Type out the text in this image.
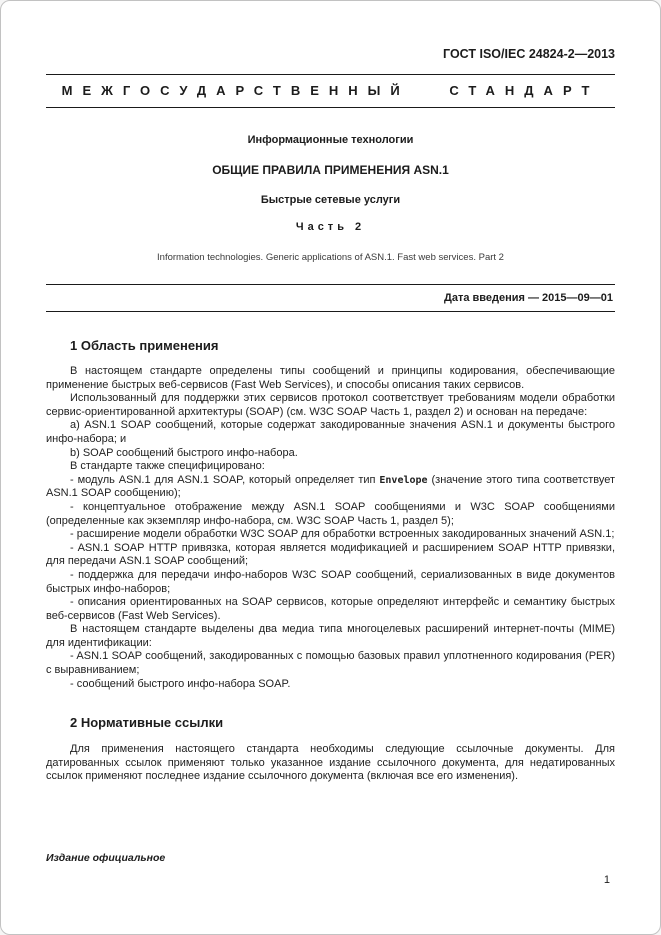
ГОСТ ISO/IEC 24824-2—2013
МЕЖГОСУДАРСТВЕННЫЙ СТАНДАРТ
Информационные технологии
ОБЩИЕ ПРАВИЛА ПРИМЕНЕНИЯ ASN.1
Быстрые сетевые услуги
Часть 2
Information technologies. Generic applications of ASN.1. Fast web services. Part 2
Дата введения — 2015—09—01
1 Область применения

В настоящем стандарте определены типы сообщений и принципы кодирования, обеспечивающие применение быстрых веб-сервисов (Fast Web Services), и способы описания таких сервисов.

Использованный для поддержки этих сервисов протокол соответствует требованиям модели обработки сервис-ориентированной архитектуры (SOAP) (см. W3C SOAP Часть 1, раздел 2) и основан на передаче:

а) ASN.1 SOAP сообщений, которые содержат закодированные значения ASN.1 и документы быстрого инфо-набора; и

b) SOAP сообщений быстрого инфо-набора.

В стандарте также специфицировано:

- модуль ASN.1 для ASN.1 SOAP, который определяет тип Envelope (значение этого типа соответствует ASN.1 SOAP сообщению);

- концептуальное отображение между ASN.1 SOAP сообщениями и W3C SOAP сообщениями (определенные как экземпляр инфо-набора, см. W3C SOAP Часть 1, раздел 5);

- расширение модели обработки W3C SOAP для обработки встроенных закодированных значений ASN.1;

- ASN.1 SOAP HTTP привязка, которая является модификацией и расширением SOAP HTTP привязки, для передачи ASN.1 SOAP сообщений;

- поддержка для передачи инфо-наборов W3C SOAP сообщений, сериализованных в виде документов быстрых инфо-наборов;

- описания ориентированных на SOAP сервисов, которые определяют интерфейс и семантику быстрых веб-сервисов (Fast Web Services).

В настоящем стандарте выделены два медиа типа многоцелевых расширений интернет-почты (MIME) для идентификации:

- ASN.1 SOAP сообщений, закодированных с помощью базовых правил уплотненного кодирования (PER) с выравниванием;

- сообщений быстрого инфо-набора SOAP.

2 Нормативные ссылки

Для применения настоящего стандарта необходимы следующие ссылочные документы. Для датированных ссылок применяют только указанное издание ссылочного документа, для недатированных ссылок применяют последнее издание ссылочного документа (включая все его изменения).

Издание официальное
1
